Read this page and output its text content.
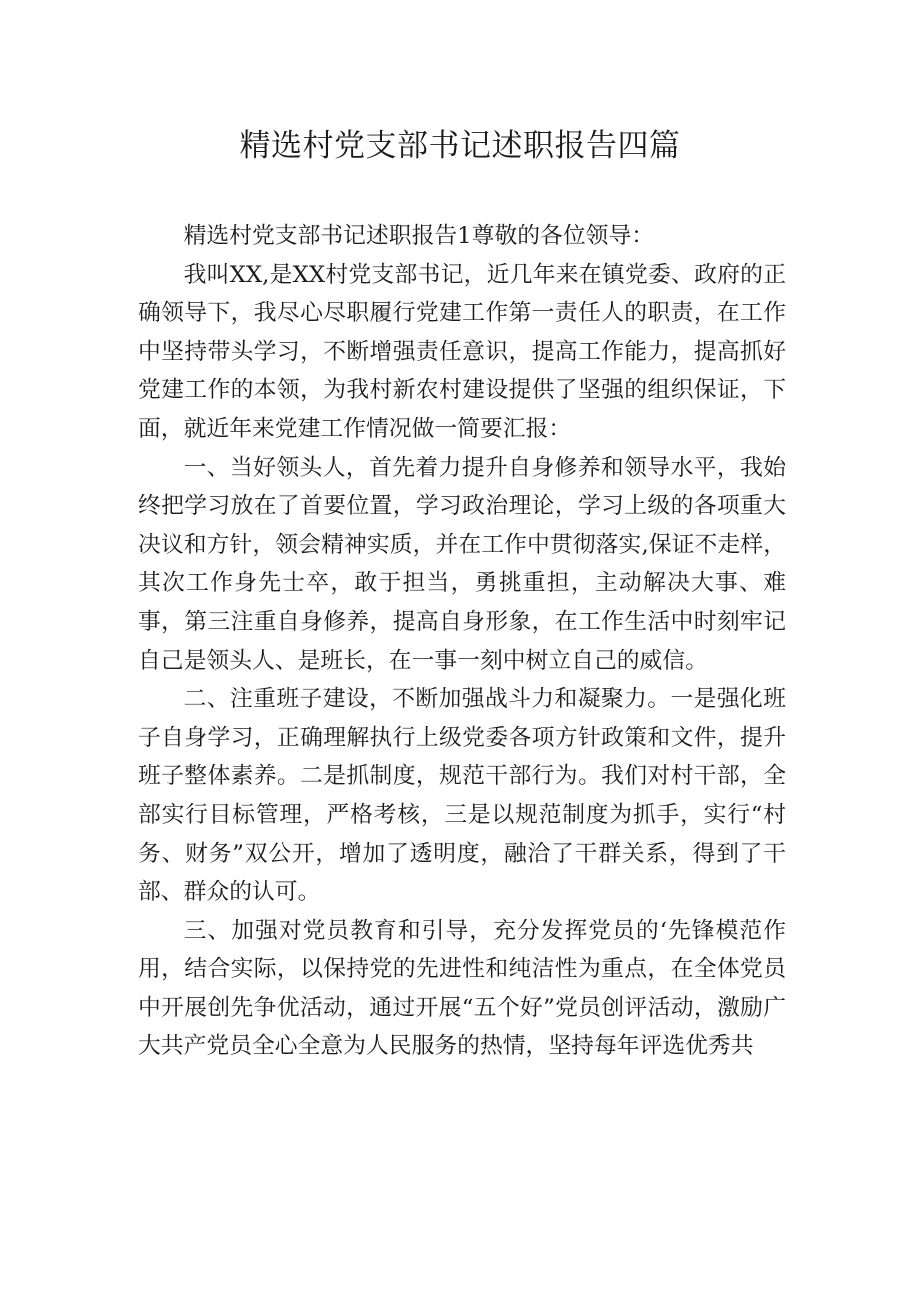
精选村党支部书记述职报告四篇

精选村党支部书记述职报告1尊敬的各位领导：

我叫XX,是XX村党支部书记，近几年来在镇党委、政府的正确领导下，我尽心尽职履行党建工作第一责任人的职责，在工作中坚持带头学习，不断增强责任意识，提高工作能力，提高抓好党建工作的本领，为我村新农村建设提供了坚强的组织保证，下面，就近年来党建工作情况做一简要汇报：

一、当好领头人，首先着力提升自身修养和领导水平，我始终把学习放在了首要位置，学习政治理论，学习上级的各项重大决议和方针，领会精神实质，并在工作中贯彻落实,保证不走样，其次工作身先士卒，敢于担当，勇挑重担，主动解决大事、难事，第三注重自身修养，提高自身形象，在工作生活中时刻牢记自己是领头人、是班长，在一事一刻中树立自己的威信。

二、注重班子建设，不断加强战斗力和凝聚力。一是强化班子自身学习，正确理解执行上级党委各项方针政策和文件，提升班子整体素养。二是抓制度，规范干部行为。我们对村干部，全部实行目标管理，严格考核，三是以规范制度为抓手，实行“村务、财务”双公开，增加了透明度，融洽了干群关系，得到了干部、群众的认可。

三、加强对党员教育和引导，充分发挥党员的‘先锋模范作用，结合实际，以保持党的先进性和纯洁性为重点，在全体党员中开展创先争优活动，通过开展“五个好”党员创评活动，激励广大共产党员全心全意为人民服务的热情，坚持每年评选优秀共
